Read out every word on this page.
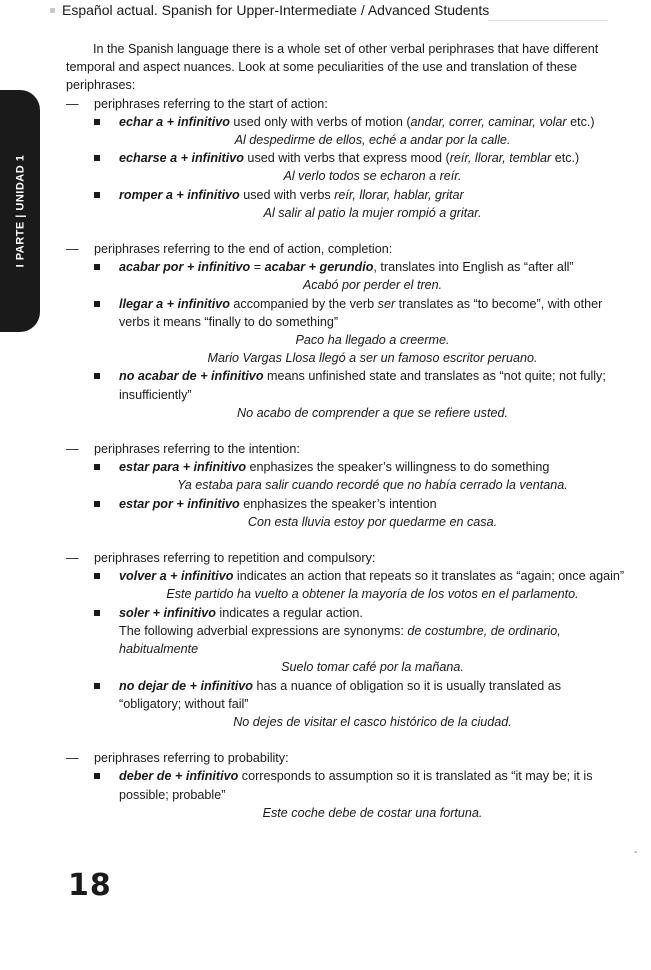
Español actual. Spanish for Upper-Intermediate / Advanced Students
I PARTE | UNIDAD 1

In the Spanish language there is a whole set of other verbal periphrases that have different temporal and aspect nuances. Look at some peculiarities of the use and translation of these periphrases:

— periphrases referring to the start of action:
echar a + infinitivo used only with verbs of motion (andar, correr, caminar, volar etc.)
Al despedirme de ellos, eché a andar por la calle.
echarse a + infinitivo used with verbs that express mood (reír, llorar, temblar etc.)
Al verlo todos se echaron a reír.
romper a + infinitivo used with verbs reír, llorar, hablar, gritar
Al salir al patio la mujer rompió a gritar.
— periphrases referring to the end of action, completion:
acabar por + infinitivo = acabar + gerundio, translates into English as “after all”
Acabó por perder el tren.
llegar a + infinitivo accompanied by the verb ser translates as “to become”, with other verbs it means “finally to do something”
Paco ha llegado a creerme.
Mario Vargas Llosa llegó a ser un famoso escritor peruano.
no acabar de + infinitivo means unfinished state and translates as “not quite; not fully; insufficiently”
No acabo de comprender a que se refiere usted.
— periphrases referring to the intention:
estar para + infinitivo enphasizes the speaker’s willingness to do something
Ya estaba para salir cuando recordé que no había cerrado la ventana.
estar por + infinitivo enphasizes the speaker’s intention
Con esta lluvia estoy por quedarme en casa.
— periphrases referring to repetition and compulsory:
volver a + infinitivo indicates an action that repeats so it translates as “again; once again”
Este partido ha vuelto a obtener la mayoría de los votos en el parlamento.
soler + infinitivo indicates a regular action.
The following adverbial expressions are synonyms: de costumbre, de ordinario, habitualmente
Suelo tomar café por la mañana.
no dejar de + infinitivo has a nuance of obligation so it is usually translated as “obligatory; without fail”
No dejes de visitar el casco histórico de la ciudad.
— periphrases referring to probability:
deber de + infinitivo corresponds to assumption so it is translated as “it may be; it is possible; probable”
Este coche debe de costar una fortuna.
-
18
